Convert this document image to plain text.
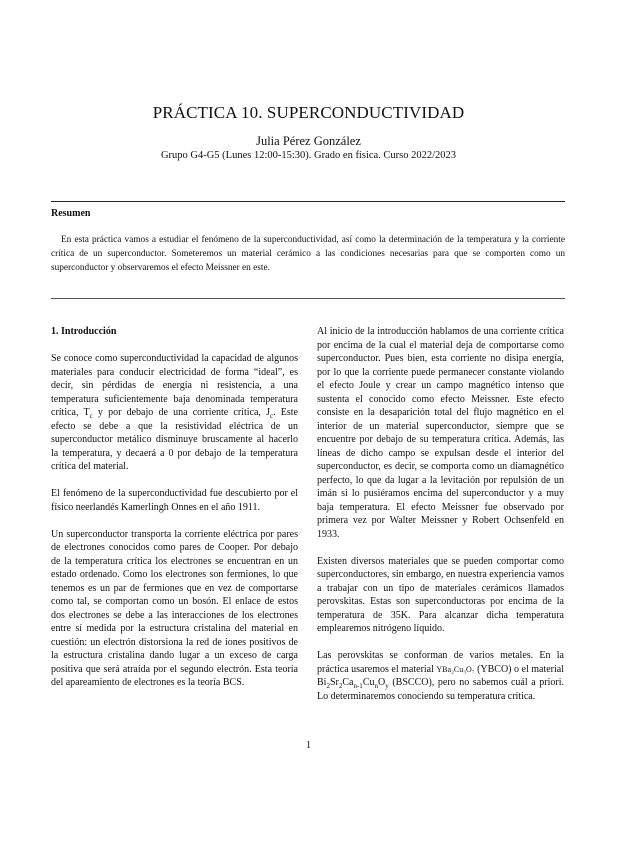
PRÁCTICA 10. SUPERCONDUCTIVIDAD
Julia Pérez González
Grupo G4-G5 (Lunes 12:00-15:30). Grado en física. Curso 2022/2023
Resumen
En esta práctica vamos a estudiar el fenómeno de la superconductividad, así como la determinación de la temperatura y la corriente crítica de un superconductor. Someteremos un material cerámico a las condiciones necesarias para que se comporten como un superconductor y observaremos el efecto Meissner en este.
1. Introducción

Se conoce como superconductividad la capacidad de algunos materiales para conducir electricidad de forma “ideal”, es decir, sin pérdidas de energía ni resistencia, a una temperatura suficientemente baja denominada temperatura crítica, $T_c$ y por debajo de una corriente crítica, $J_c$. Este efecto se debe a que la resistividad eléctrica de un superconductor metálico disminuye bruscamente al hacerlo la temperatura, y decaerá a 0 por debajo de la temperatura crítica del material.

El fenómeno de la superconductividad fue descubierto por el físico neerlandés Kamerlingh Onnes en el año 1911.

Un superconductor transporta la corriente eléctrica por pares de electrones conocidos como pares de Cooper. Por debajo de la temperatura crítica los electrones se encuentran en un estado ordenado. Como los electrones son fermiones, lo que tenemos es un par de fermiones que en vez de comportarse como tal, se comportan como un bosón. El enlace de estos dos electrones se debe a las interacciones de los electrones entre sí medida por la estructura cristalina del material en cuestión: un electrón distorsiona la red de iones positivos de la estructura cristalina dando lugar a un exceso de carga positiva que será atraída por el segundo electrón. Esta teoría del apareamiento de electrones es la teoría BCS.

Al inicio de la introducción hablamos de una corriente crítica por encima de la cual el material deja de comportarse como superconductor. Pues bien, esta corriente no disipa energía, por lo que la corriente puede permanecer constante violando el efecto Joule y crear un campo magnético intenso que sustenta el conocido como efecto Meissner. Este efecto consiste en la desaparición total del flujo magnético en el interior de un material superconductor, siempre que se encuentre por debajo de su temperatura crítica. Además, las líneas de dicho campo se expulsan desde el interior del superconductor, es decir, se comporta como un diamagnético perfecto, lo que da lugar a la levitación por repulsión de un imán si lo pusiéramos encima del superconductor y a muy baja temperatura. El efecto Meissner fue observado por primera vez por Walter Meissner y Robert Ochsenfeld en 1933.

Existen diversos materiales que se pueden comportar como superconductores, sin embargo, en nuestra experiencia vamos a trabajar con un tipo de materiales cerámicos llamados perovskitas. Estas son superconductoras por encima de la temperatura de 35K. Para alcanzar dicha temperatura emplearemos nitrógeno líquido.

Las perovskitas se conforman de varios metales. En la práctica usaremos el material YBa₂Cu₃O₇ (YBCO) o el material $Bi_2Sr_2Ca_{n-1}Cu_nO_y$ (BSCCO), pero no sabemos cuál a priori. Lo determinaremos conociendo su temperatura crítica.

1
